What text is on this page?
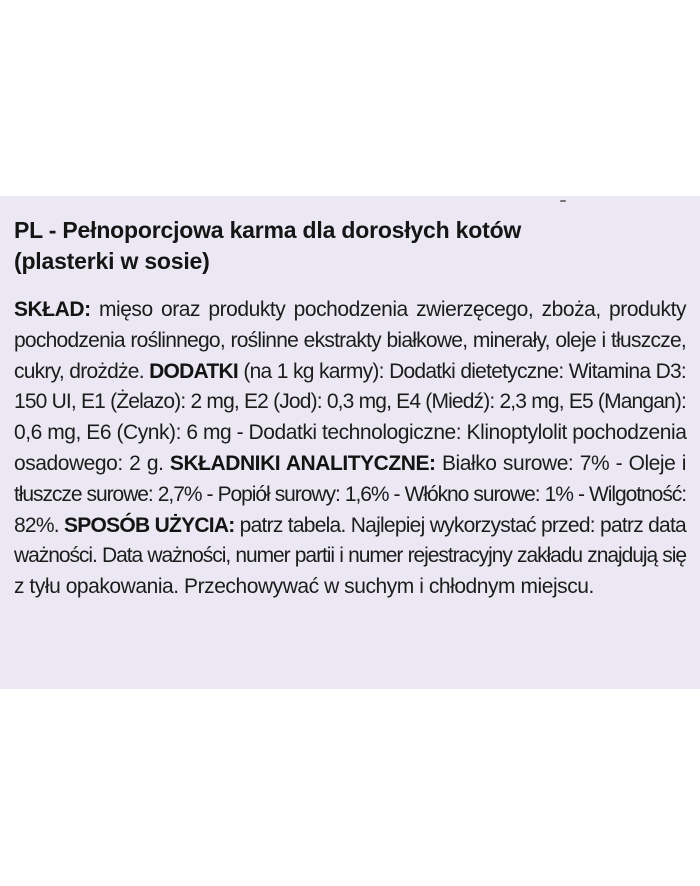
PL - Pełnoporcjowa karma dla dorosłych kotów
(plasterki w sosie)
SKŁAD: mięso oraz produkty pochodzenia zwierzęcego, zboża, produkty
pochodzenia roślinnego, roślinne ekstrakty białkowe, minerały, oleje i tłuszcze,
cukry, drożdże. DODATKI (na 1 kg karmy): Dodatki dietetyczne: Witamina D3:
150 UI, E1 (Żelazo): 2 mg, E2 (Jod): 0,3 mg, E4 (Miedź): 2,3 mg, E5 (Mangan):
0,6 mg, E6 (Cynk): 6 mg - Dodatki technologiczne: Klinoptylolit pochodzenia
osadowego: 2 g. SKŁADNIKI ANALITYCZNE: Białko surowe: 7% - Oleje i
tłuszcze surowe: 2,7% - Popiół surowy: 1,6% - Włókno surowe: 1% - Wilgotność:
82%. SPOSÓB UŻYCIA: patrz tabela. Najlepiej wykorzystać przed: patrz data
ważności. Data ważności, numer partii i numer rejestracyjny zakładu znajdują się
z tyłu opakowania. Przechowywać w suchym i chłodnym miejscu.
